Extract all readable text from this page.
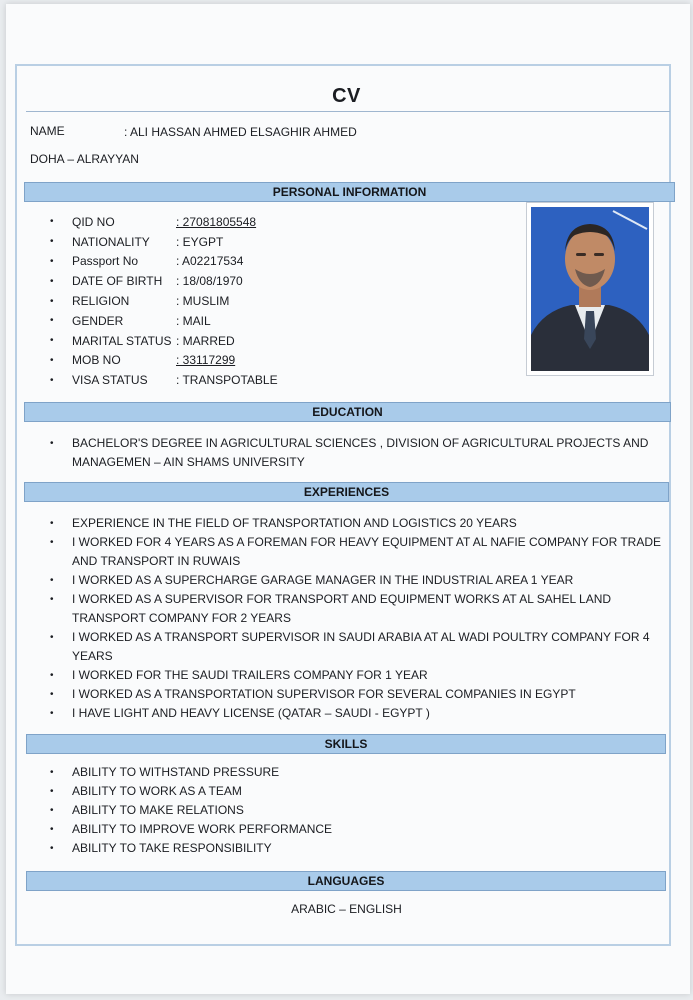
CV
NAME	: ALI HASSAN AHMED ELSAGHIR AHMED
DOHA – ALRAYYAN
PERSONAL INFORMATION
•	QID NO	: 27081805548
•	NATIONALITY	: EYGPT
•	Passport No	: A02217534
•	DATE OF BIRTH	: 18/08/1970
•	RELIGION	: MUSLIM
•	GENDER	: MAIL
•	MARITAL STATUS : MARRED
•	MOB NO	: 33117299
•	VISA STATUS	: TRANSPOTABLE
EDUCATION
•	BACHELOR'S DEGREE IN AGRICULTURAL SCIENCES , DIVISION OF AGRICULTURAL PROJECTS AND MANAGEMEN – AIN SHAMS UNIVERSITY
EXPERIENCES
•	EXPERIENCE IN THE FIELD OF TRANSPORTATION AND LOGISTICS 20 YEARS
•	I WORKED FOR 4 YEARS AS A FOREMAN FOR HEAVY EQUIPMENT AT AL NAFIE COMPANY FOR TRADE AND TRANSPORT IN RUWAIS
•	I WORKED AS A SUPERCHARGE GARAGE MANAGER IN THE INDUSTRIAL AREA 1 YEAR
•	I WORKED AS A SUPERVISOR FOR TRANSPORT AND EQUIPMENT WORKS AT AL SAHEL LAND TRANSPORT COMPANY FOR 2 YEARS
•	I WORKED AS A TRANSPORT SUPERVISOR IN SAUDI ARABIA AT AL WADI POULTRY COMPANY FOR 4 YEARS
•	I WORKED FOR THE SAUDI TRAILERS COMPANY FOR 1 YEAR
•	I WORKED AS A TRANSPORTATION SUPERVISOR FOR SEVERAL COMPANIES IN EGYPT
•	I HAVE LIGHT AND HEAVY LICENSE (QATAR – SAUDI - EGYPT )
SKILLS
•	ABILITY TO WITHSTAND PRESSURE
•	ABILITY TO WORK AS A TEAM
•	ABILITY TO MAKE RELATIONS
•	ABILITY TO IMPROVE WORK PERFORMANCE
•	ABILITY TO TAKE RESPONSIBILITY
LANGUAGES
ARABIC – ENGLISH
